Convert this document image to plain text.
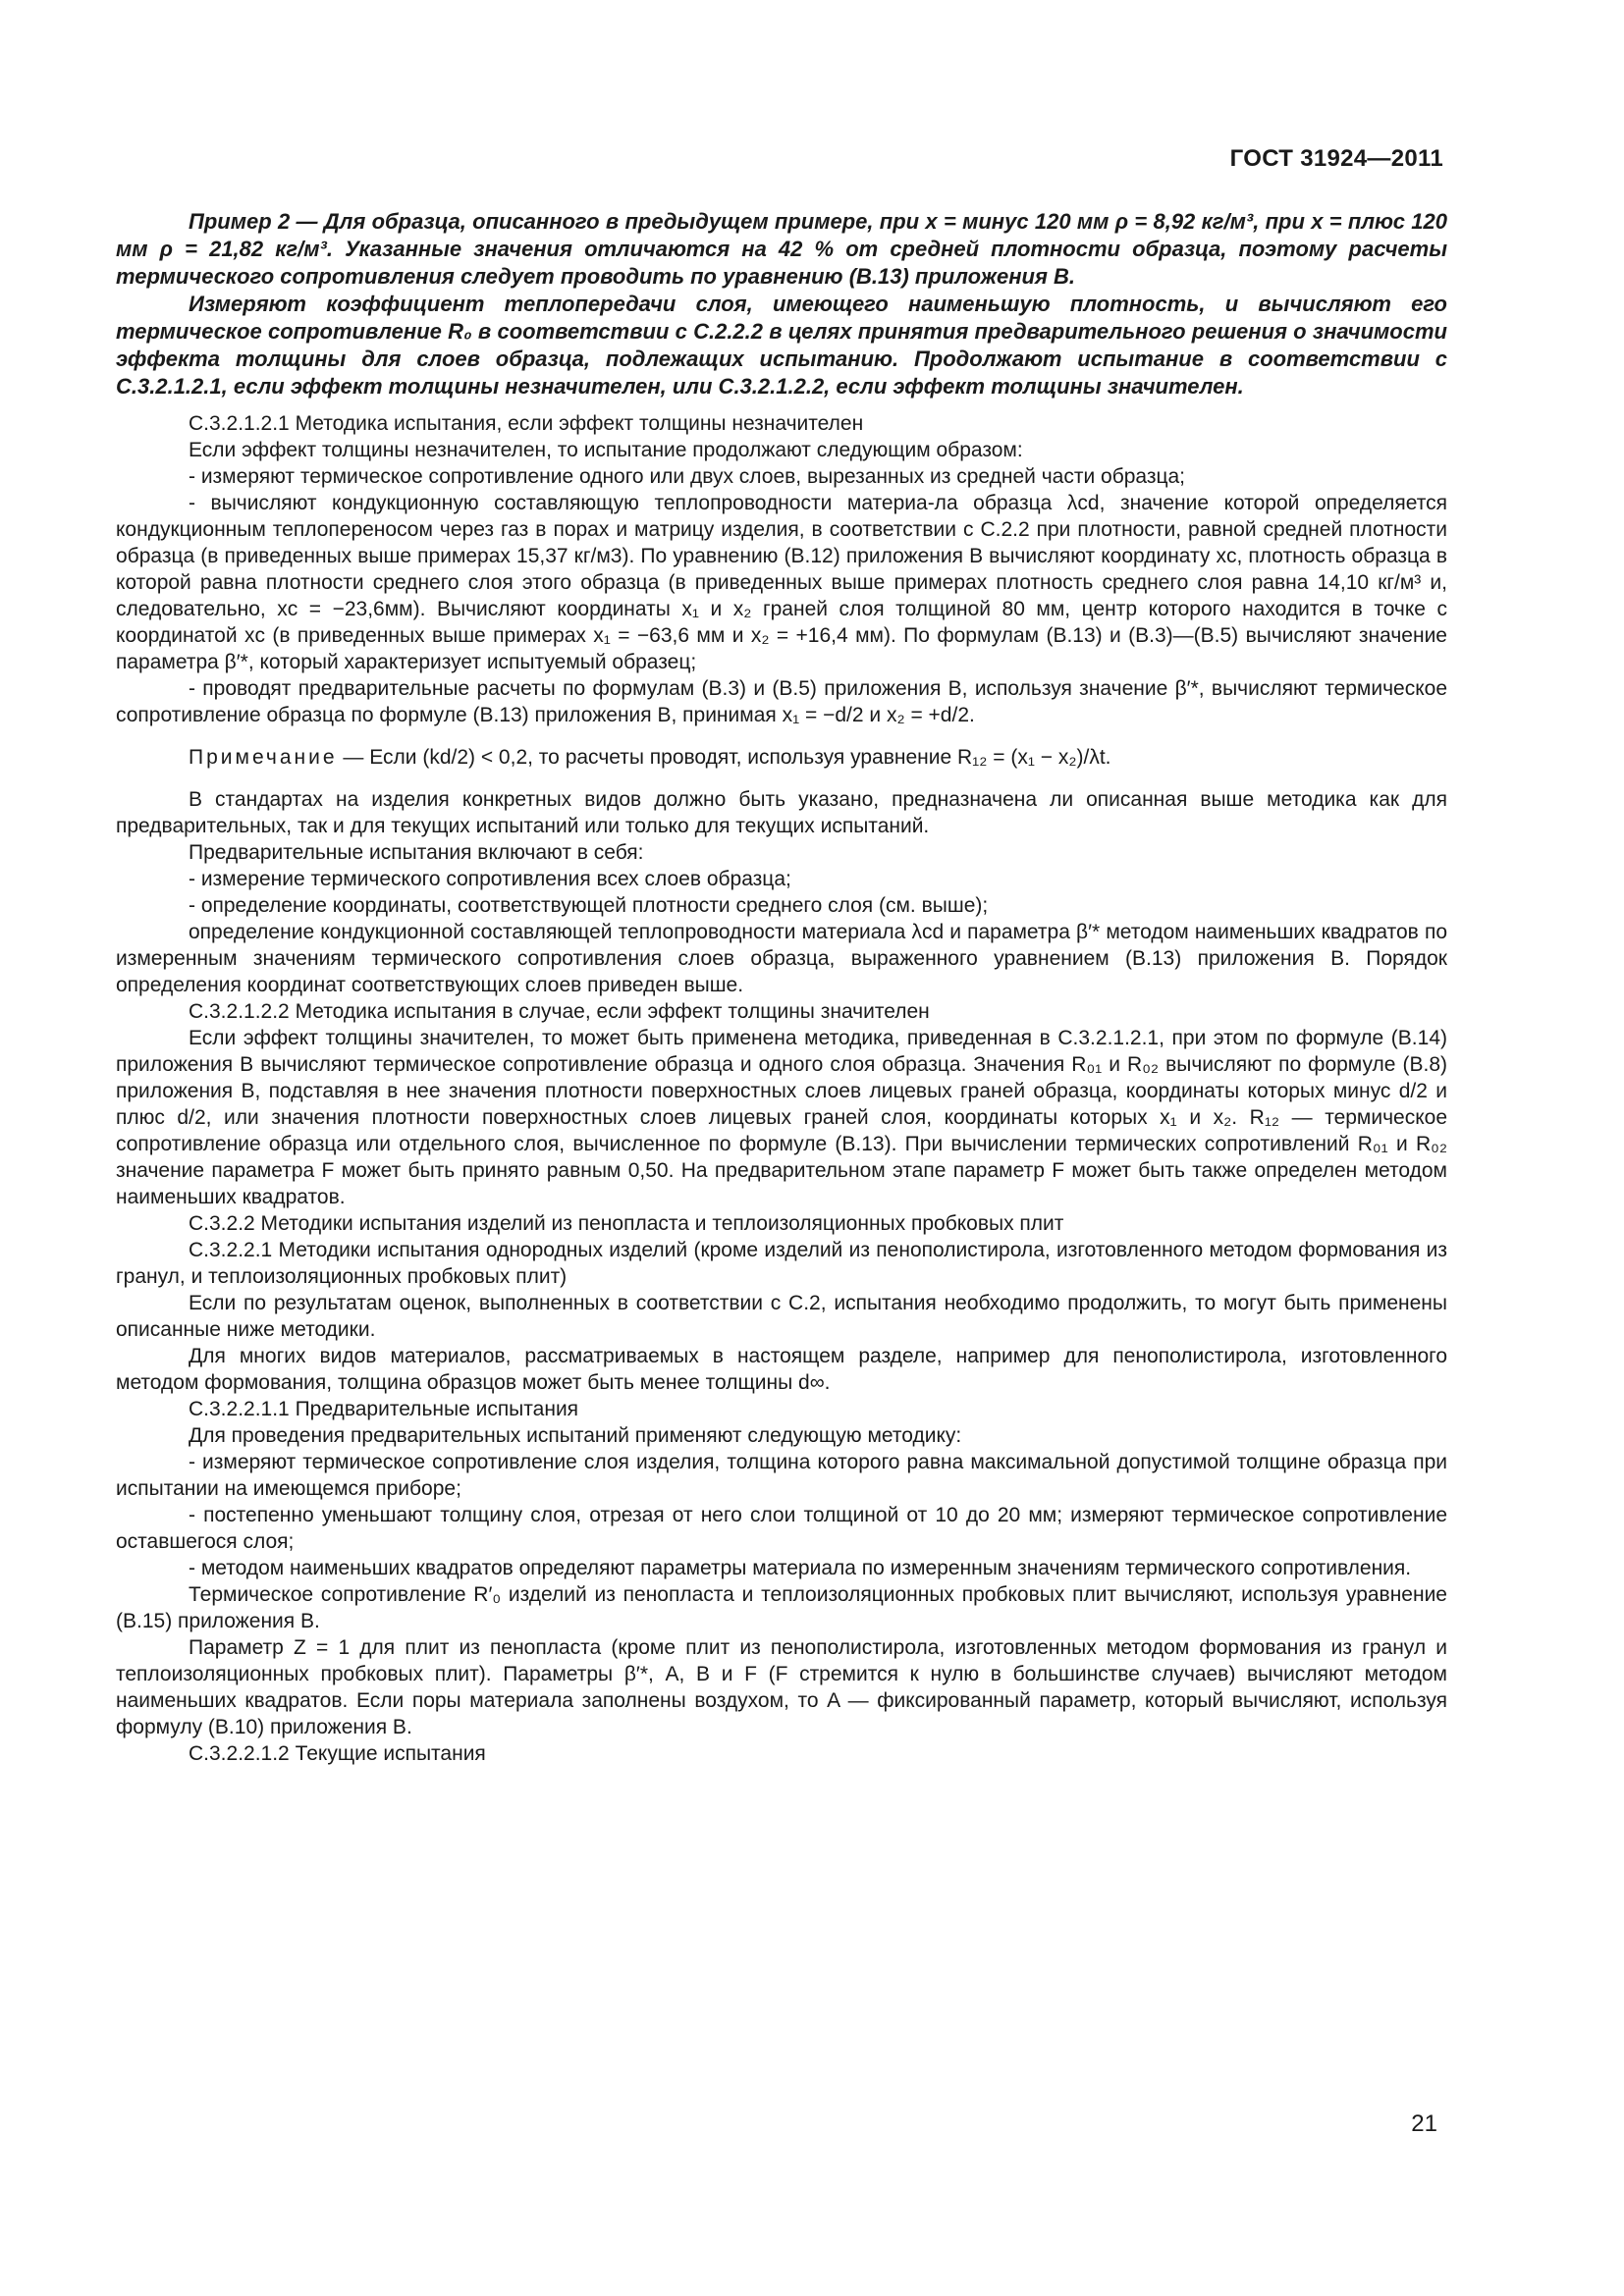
ГОСТ 31924—2011

Пример 2 — Для образца, описанного в предыдущем примере, при x = минус 120 мм ρ = 8,92 кг/м³, при x = плюс 120 мм ρ = 21,82 кг/м³. Указанные значения отличаются на 42 % от средней плотности образца, поэтому расчеты термического сопротивления следует проводить по уравнению (В.13) приложения В.

Измеряют коэффициент теплопередачи слоя, имеющего наименьшую плотность, и вычисляют его термическое сопротивление R₀ в соответствии с С.2.2.2 в целях принятия предварительного решения о значимости эффекта толщины для слоев образца, подлежащих испытанию. Продолжают испытание в соответствии с С.3.2.1.2.1, если эффект толщины незначителен, или С.3.2.1.2.2, если эффект толщины значителен.

С.3.2.1.2.1 Методика испытания, если эффект толщины незначителен

Если эффект толщины незначителен, то испытание продолжают следующим образом:

- измеряют термическое сопротивление одного или двух слоев, вырезанных из средней части образца;

- вычисляют кондукционную составляющую теплопроводности материа-ла образца λcd, значение которой определяется кондукционным теплопереносом через газ в порах и матрицу изделия, в соответствии с С.2.2 при плотности, равной средней плотности образца (в приведенных выше примерах 15,37 кг/м3). По уравнению (В.12) приложения В вычисляют координату xc, плотность образца в которой равна плотности среднего слоя этого образца (в приведенных выше примерах плотность среднего слоя равна 14,10 кг/м³ и, следовательно, xc = −23,6мм). Вычисляют координаты x₁ и x₂ граней слоя толщиной 80 мм, центр которого находится в точке с координатой xc (в приведенных выше примерах x₁ = −63,6 мм и x₂ = +16,4 мм). По формулам (В.13) и (В.3)—(В.5) вычисляют значение параметра β′*, который характеризует испытуемый образец;

- проводят предварительные расчеты по формулам (В.3) и (В.5) приложения В, используя значение β′*, вычисляют термическое сопротивление образца по формуле (В.13) приложения В, принимая x₁ = −d/2 и x₂ = +d/2.

Примечание — Если (kd/2) < 0,2, то расчеты проводят, используя уравнение R₁₂ = (x₁ − x₂)/λt.

В стандартах на изделия конкретных видов должно быть указано, предназначена ли описанная выше методика как для предварительных, так и для текущих испытаний или только для текущих испытаний.

Предварительные испытания включают в себя:

- измерение термического сопротивления всех слоев образца;

- определение координаты, соответствующей плотности среднего слоя (см. выше);

определение кондукционной составляющей теплопроводности материала λcd и параметра β′* методом наименьших квадратов по измеренным значениям термического сопротивления слоев образца, выраженного уравнением (В.13) приложения В. Порядок определения координат соответствующих слоев приведен выше.

С.3.2.1.2.2 Методика испытания в случае, если эффект толщины значителен

Если эффект толщины значителен, то может быть применена методика, приведенная в С.3.2.1.2.1, при этом по формуле (В.14) приложения В вычисляют термическое сопротивление образца и одного слоя образца. Значения R₀₁ и R₀₂ вычисляют по формуле (В.8) приложения В, подставляя в нее значения плотности поверхностных слоев лицевых граней образца, координаты которых минус d/2 и плюс d/2, или значения плотности поверхностных слоев лицевых граней слоя, координаты которых x₁ и x₂. R₁₂ — термическое сопротивление образца или отдельного слоя, вычисленное по формуле (В.13). При вычислении термических сопротивлений R₀₁ и R₀₂ значение параметра F может быть принято равным 0,50. На предварительном этапе параметр F может быть также определен методом наименьших квадратов.

С.3.2.2 Методики испытания изделий из пенопласта и теплоизоляционных пробковых плит

С.3.2.2.1 Методики испытания однородных изделий (кроме изделий из пенополистирола, изготовленного методом формования из гранул, и теплоизоляционных пробковых плит)

Если по результатам оценок, выполненных в соответствии с С.2, испытания необходимо продолжить, то могут быть применены описанные ниже методики.

Для многих видов материалов, рассматриваемых в настоящем разделе, например для пенополистирола, изготовленного методом формования, толщина образцов может быть менее толщины d∞.

С.3.2.2.1.1 Предварительные испытания

Для проведения предварительных испытаний применяют следующую методику:

- измеряют термическое сопротивление слоя изделия, толщина которого равна максимальной допустимой толщине образца при испытании на имеющемся приборе;

- постепенно уменьшают толщину слоя, отрезая от него слои толщиной от 10 до 20 мм; измеряют термическое сопротивление оставшегося слоя;

- методом наименьших квадратов определяют параметры материала по измеренным значениям термического сопротивления.

Термическое сопротивление R′₀ изделий из пенопласта и теплоизоляционных пробковых плит вычисляют, используя уравнение (В.15) приложения В.

Параметр Z = 1 для плит из пенопласта (кроме плит из пенополистирола, изготовленных методом формования из гранул и теплоизоляционных пробковых плит). Параметры β′*, A, B и F (F стремится к нулю в большинстве случаев) вычисляют методом наименьших квадратов. Если поры материала заполнены воздухом, то A — фиксированный параметр, который вычисляют, используя формулу (В.10) приложения В.

С.3.2.2.1.2 Текущие испытания

21
